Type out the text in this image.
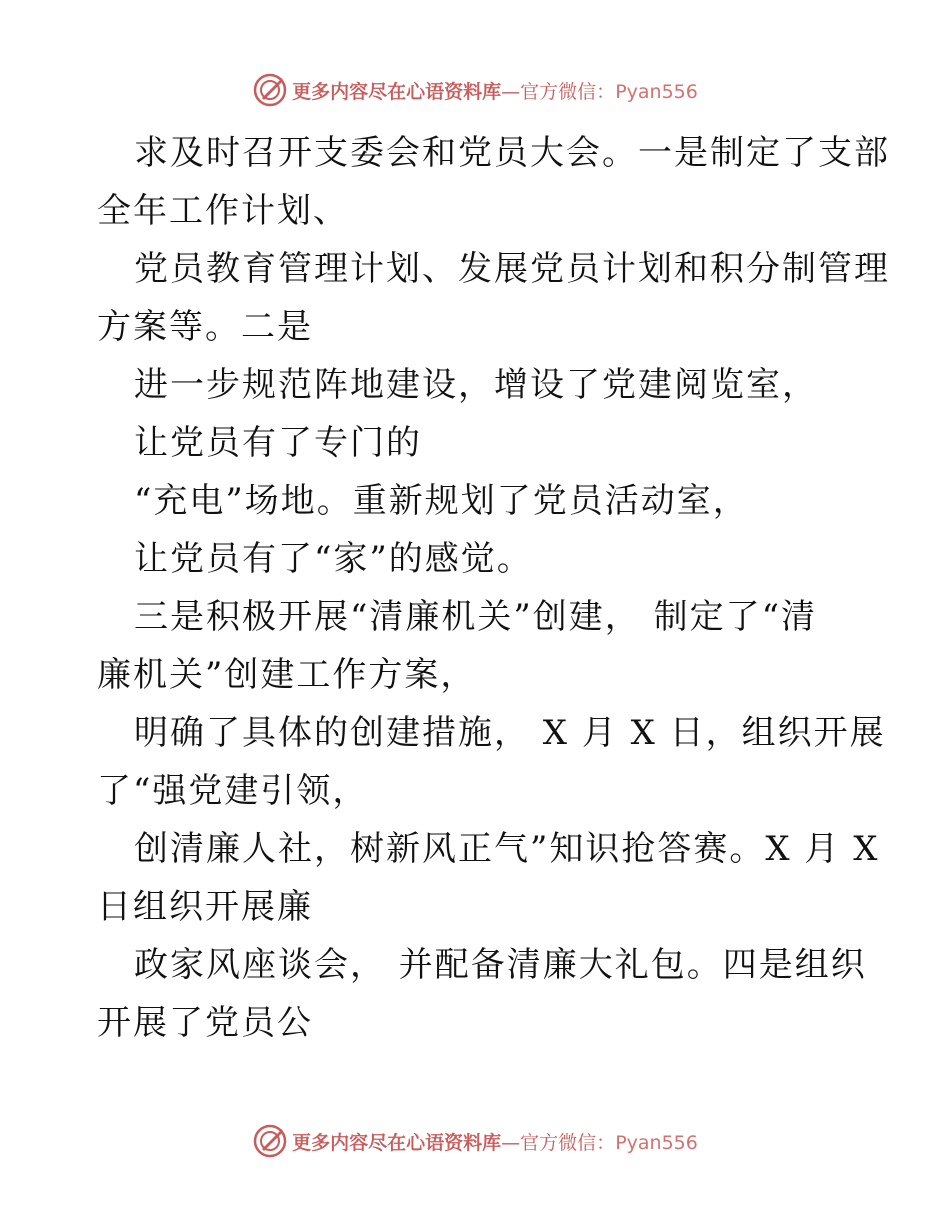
更多内容尽在心语资料库—官方微信：Pyan556
求及时召开支委会和党员大会。一是制定了支部
全年工作计划、
党员教育管理计划、发展党员计划和积分制管理
方案等。二是
进一步规范阵地建设，增设了党建阅览室，
让党员有了专门的
“充电”场地。重新规划了党员活动室，
让党员有了“家”的感觉。
三是积极开展“清廉机关”创建， 制定了“清
廉机关”创建工作方案，
明确了具体的创建措施， X 月 X 日，组织开展
了“强党建引领，
创清廉人社，树新风正气”知识抢答赛。X 月 X
日组织开展廉
政家风座谈会， 并配备清廉大礼包。四是组织
开展了党员公
更多内容尽在心语资料库—官方微信：Pyan556
